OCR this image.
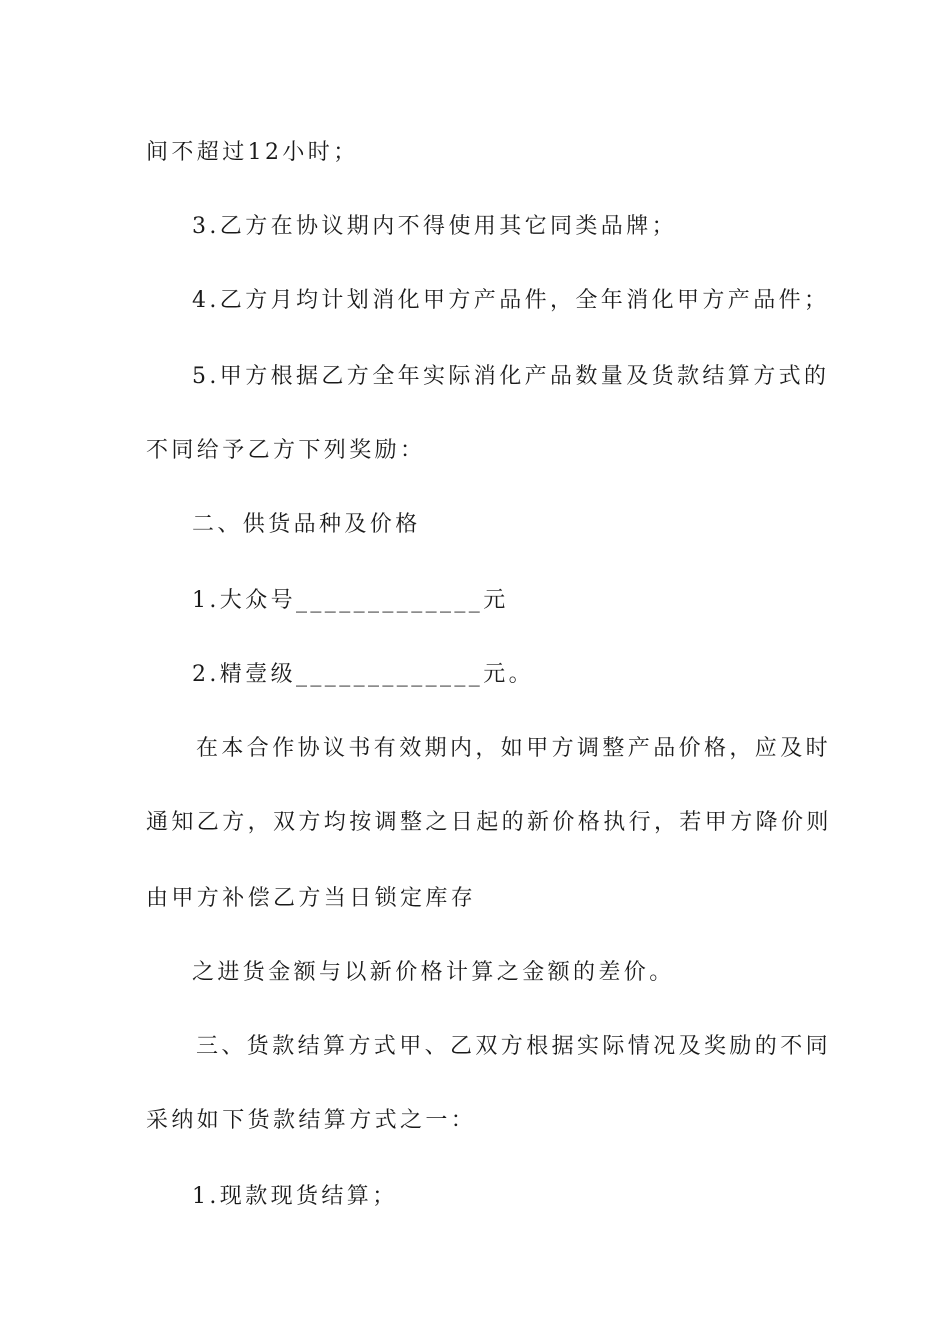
间不超过12小时；
3.乙方在协议期内不得使用其它同类品牌；
4.乙方月均计划消化甲方产品件，全年消化甲方产品件；
5.甲方根据乙方全年实际消化产品数量及货款结算方式的
不同给予乙方下列奖励：
二、供货品种及价格
1.大众号_____________元
2.精壹级_____________元。
在本合作协议书有效期内，如甲方调整产品价格，应及时
通知乙方，双方均按调整之日起的新价格执行，若甲方降价则
由甲方补偿乙方当日锁定库存
之进货金额与以新价格计算之金额的差价。
三、货款结算方式甲、乙双方根据实际情况及奖励的不同
采纳如下货款结算方式之一：
1.现款现货结算；
